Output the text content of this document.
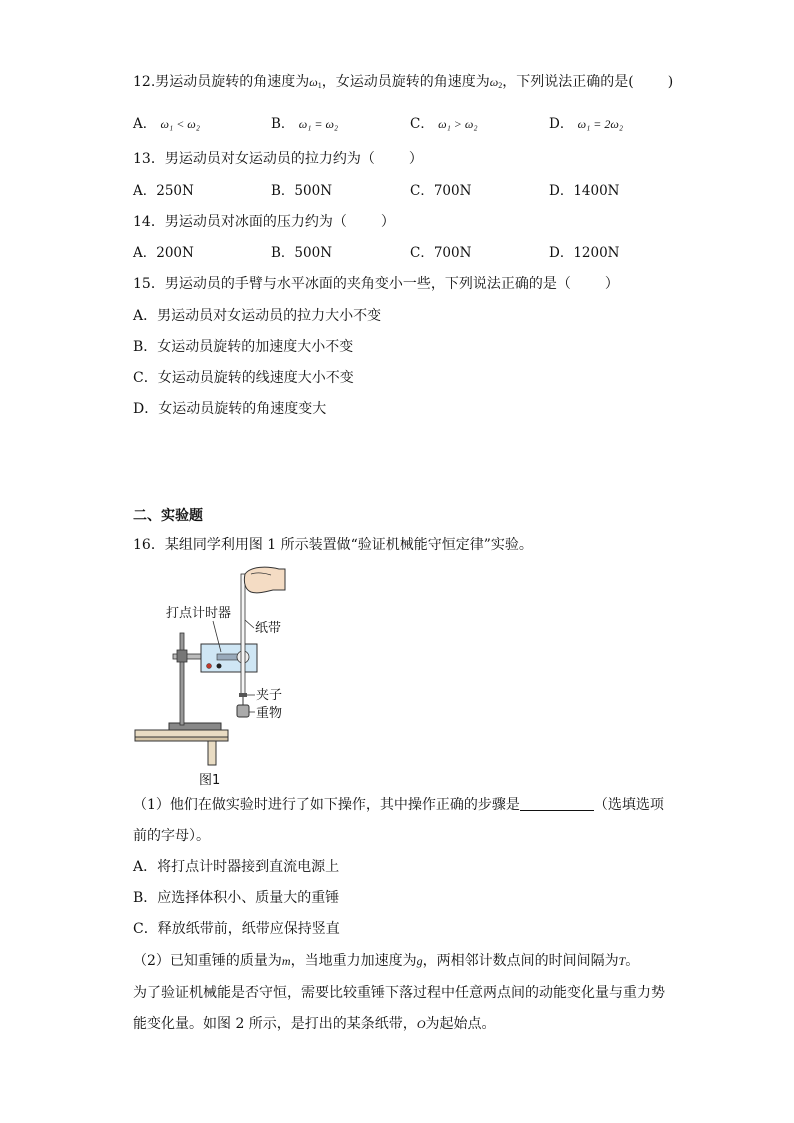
12.男运动员旋转的角速度为$\omega_1$，女运动员旋转的角速度为$\omega_2$，下列说法正确的是( )
A． ω₁ < ω₂	B． ω₁ = ω₂	C． ω₁ > ω₂	D． ω₁ = 2ω₂
13．男运动员对女运动员的拉力约为（ ）
A．250N	B．500N	C．700N	D．1400N
14．男运动员对冰面的压力约为（ ）
A．200N	B．500N	C．700N	D．1200N
15．男运动员的手臂与水平冰面的夹角变小一些，下列说法正确的是（ ）
A．男运动员对女运动员的拉力大小不变
B．女运动员旋转的加速度大小不变
C．女运动员旋转的线速度大小不变
D．女运动员旋转的角速度变大
二、实验题
16．某组同学利用图 1 所示装置做“验证机械能守恒定律”实验。
打点计时器
纸带
夹子
重物
图1
（1）他们在做实验时进行了如下操作，其中操作正确的步骤是	（选填选项
前的字母）。
A．将打点计时器接到直流电源上
B．应选择体积小、质量大的重锤
C．释放纸带前，纸带应保持竖直
（2）已知重锤的质量为m，当地重力加速度为g，两相邻计数点间的时间间隔为T。
为了验证机械能是否守恒，需要比较重锤下落过程中任意两点间的动能变化量与重力势
能变化量。如图 2 所示，是打出的某条纸带，O为起始点。
